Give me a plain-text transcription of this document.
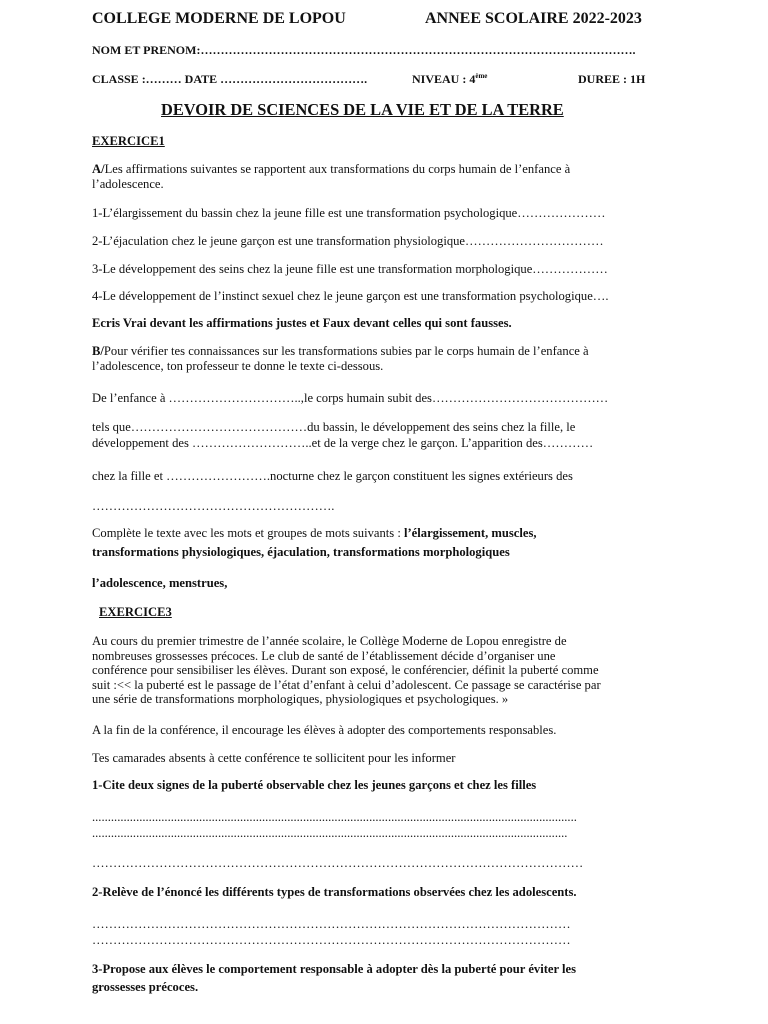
COLLEGE MODERNE DE LOPOU	ANNEE SCOLAIRE 2022-2023
NOM ET PRENOM:……………………………………………………………………………………………….
CLASSE :……… DATE ……………………………….	NIVEAU : 4ème	DUREE : 1H
DEVOIR DE SCIENCES DE LA VIE ET DE LA TERRE
EXERCICE1
A/Les affirmations suivantes se rapportent aux transformations du corps humain de l’enfance à
l’adolescence.
1-L’élargissement du bassin chez la jeune fille est une transformation psychologique…………………
2-L’éjaculation chez le jeune garçon est une transformation physiologique……………………………
3-Le développement des seins chez la jeune fille est une transformation morphologique………………
4-Le développement de l’instinct sexuel chez le jeune garçon est une transformation psychologique….
Ecris Vrai devant les affirmations justes et Faux devant celles qui sont fausses.
B/Pour vérifier tes connaissances sur les transformations subies par le corps humain de l’enfance à
l’adolescence, ton professeur te donne le texte ci-dessous.
De l’enfance à …………………………..,le corps humain subit des……………………………………
tels que……………………………………du bassin, le développement des seins chez la fille, le
développement des ………………………..et de la verge chez le garçon. L’apparition des…………
chez la fille et …………………….nocturne chez le garçon constituent les signes extérieurs des
………………………………………………….
Complète le texte avec les mots et groupes de mots suivants : l’élargissement, muscles,
transformations physiologiques, éjaculation, transformations morphologiques
l’adolescence, menstrues,
EXERCICE3
Au cours du premier trimestre de l’année scolaire, le Collège Moderne de Lopou enregistre de
nombreuses grossesses précoces. Le club de santé de l’établissement décide d’organiser une
conférence pour sensibiliser les élèves. Durant son exposé, le conférencier, définit la puberté comme
suit :<< la puberté est le passage de l’état d’enfant à celui d’adolescent. Ce passage se caractérise par
une série de transformations morphologiques, physiologiques et psychologiques. »
A la fin de la conférence, il encourage les élèves à adopter des comportements responsables.
Tes camarades absents à cette conférence te sollicitent pour les informer
1-Cite deux signes de la puberté observable chez les jeunes garçons et chez les filles
..........................................................................................................................................................
.......................................................................................................................................................
………………………………………………………………………………………………………
2-Relève de l’énoncé les différents types de transformations observées chez les adolescents.
……………………………………………………………………………………………………
……………………………………………………………………………………………………
3-Propose aux élèves le comportement responsable à adopter dès la puberté pour éviter les
grossesses précoces.
